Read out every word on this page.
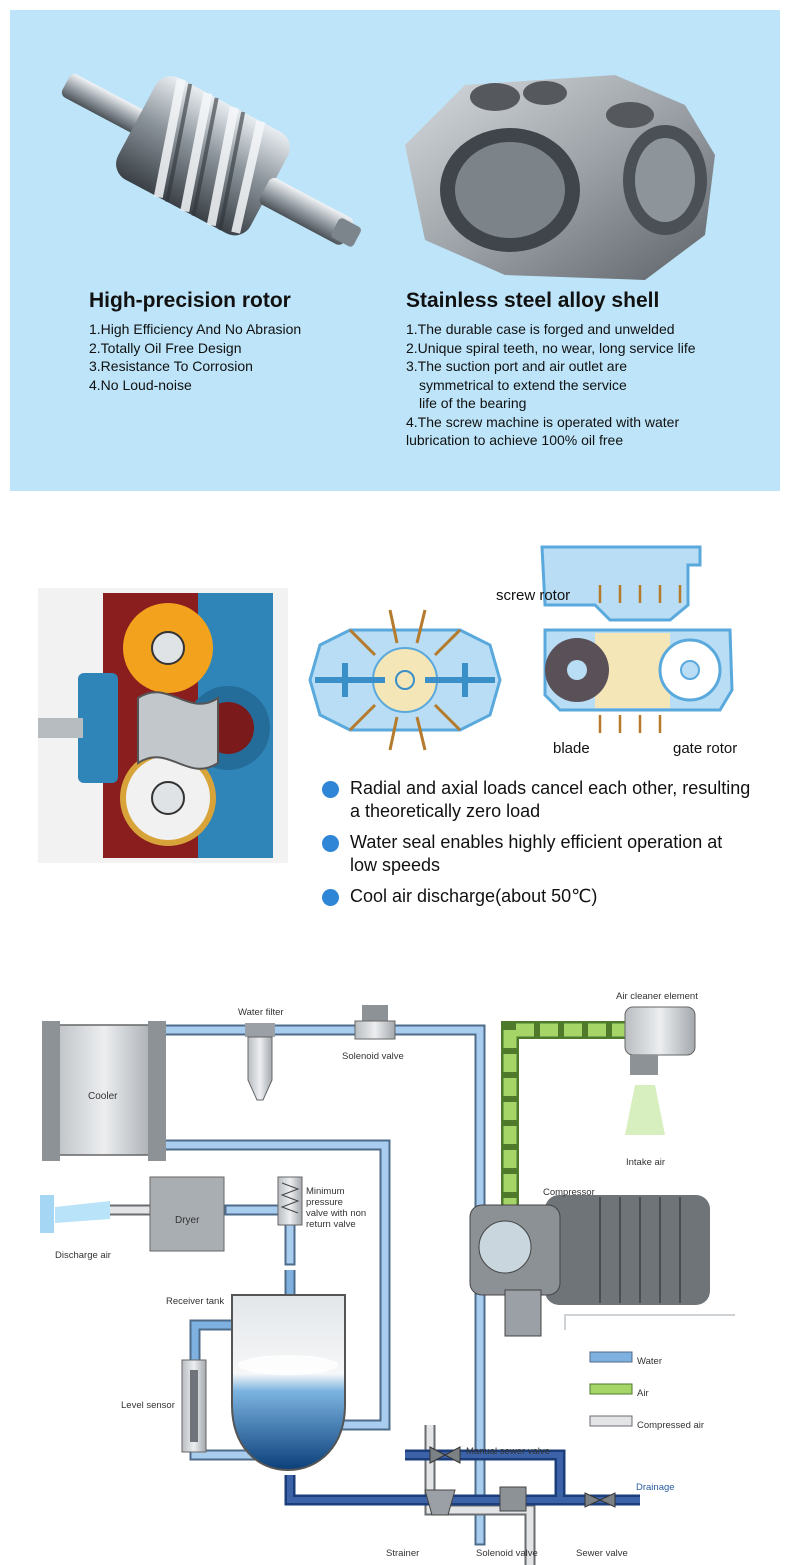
High-precision rotor
1.High Efficiency And No Abrasion
2.Totally Oil Free Design
3.Resistance To Corrosion
4.No Loud-noise
Stainless steel alloy shell
1.The durable case is forged and unwelded
2.Unique spiral teeth, no wear, long service life
3.The suction port and air outlet are
symmetrical to extend the service
life of the bearing
4.The screw machine is operated with water
lubrication to achieve 100% oil free
screw rotor
blade	gate rotor
Radial and axial loads cancel each other, resulting a theoretically zero load
Water seal enables highly efficient operation at low speeds
Cool air discharge(about 50℃)
Water filter
Solenoid valve
Air cleaner element
Cooler
Intake air
Compressor
Minimum
pressure
valve with non
return valve
Dryer
Discharge air
Receiver tank
Level sensor
Manual sewer valve
Drainage
Strainer	Solenoid valve	Sewer valve
Water
Air
Compressed air
